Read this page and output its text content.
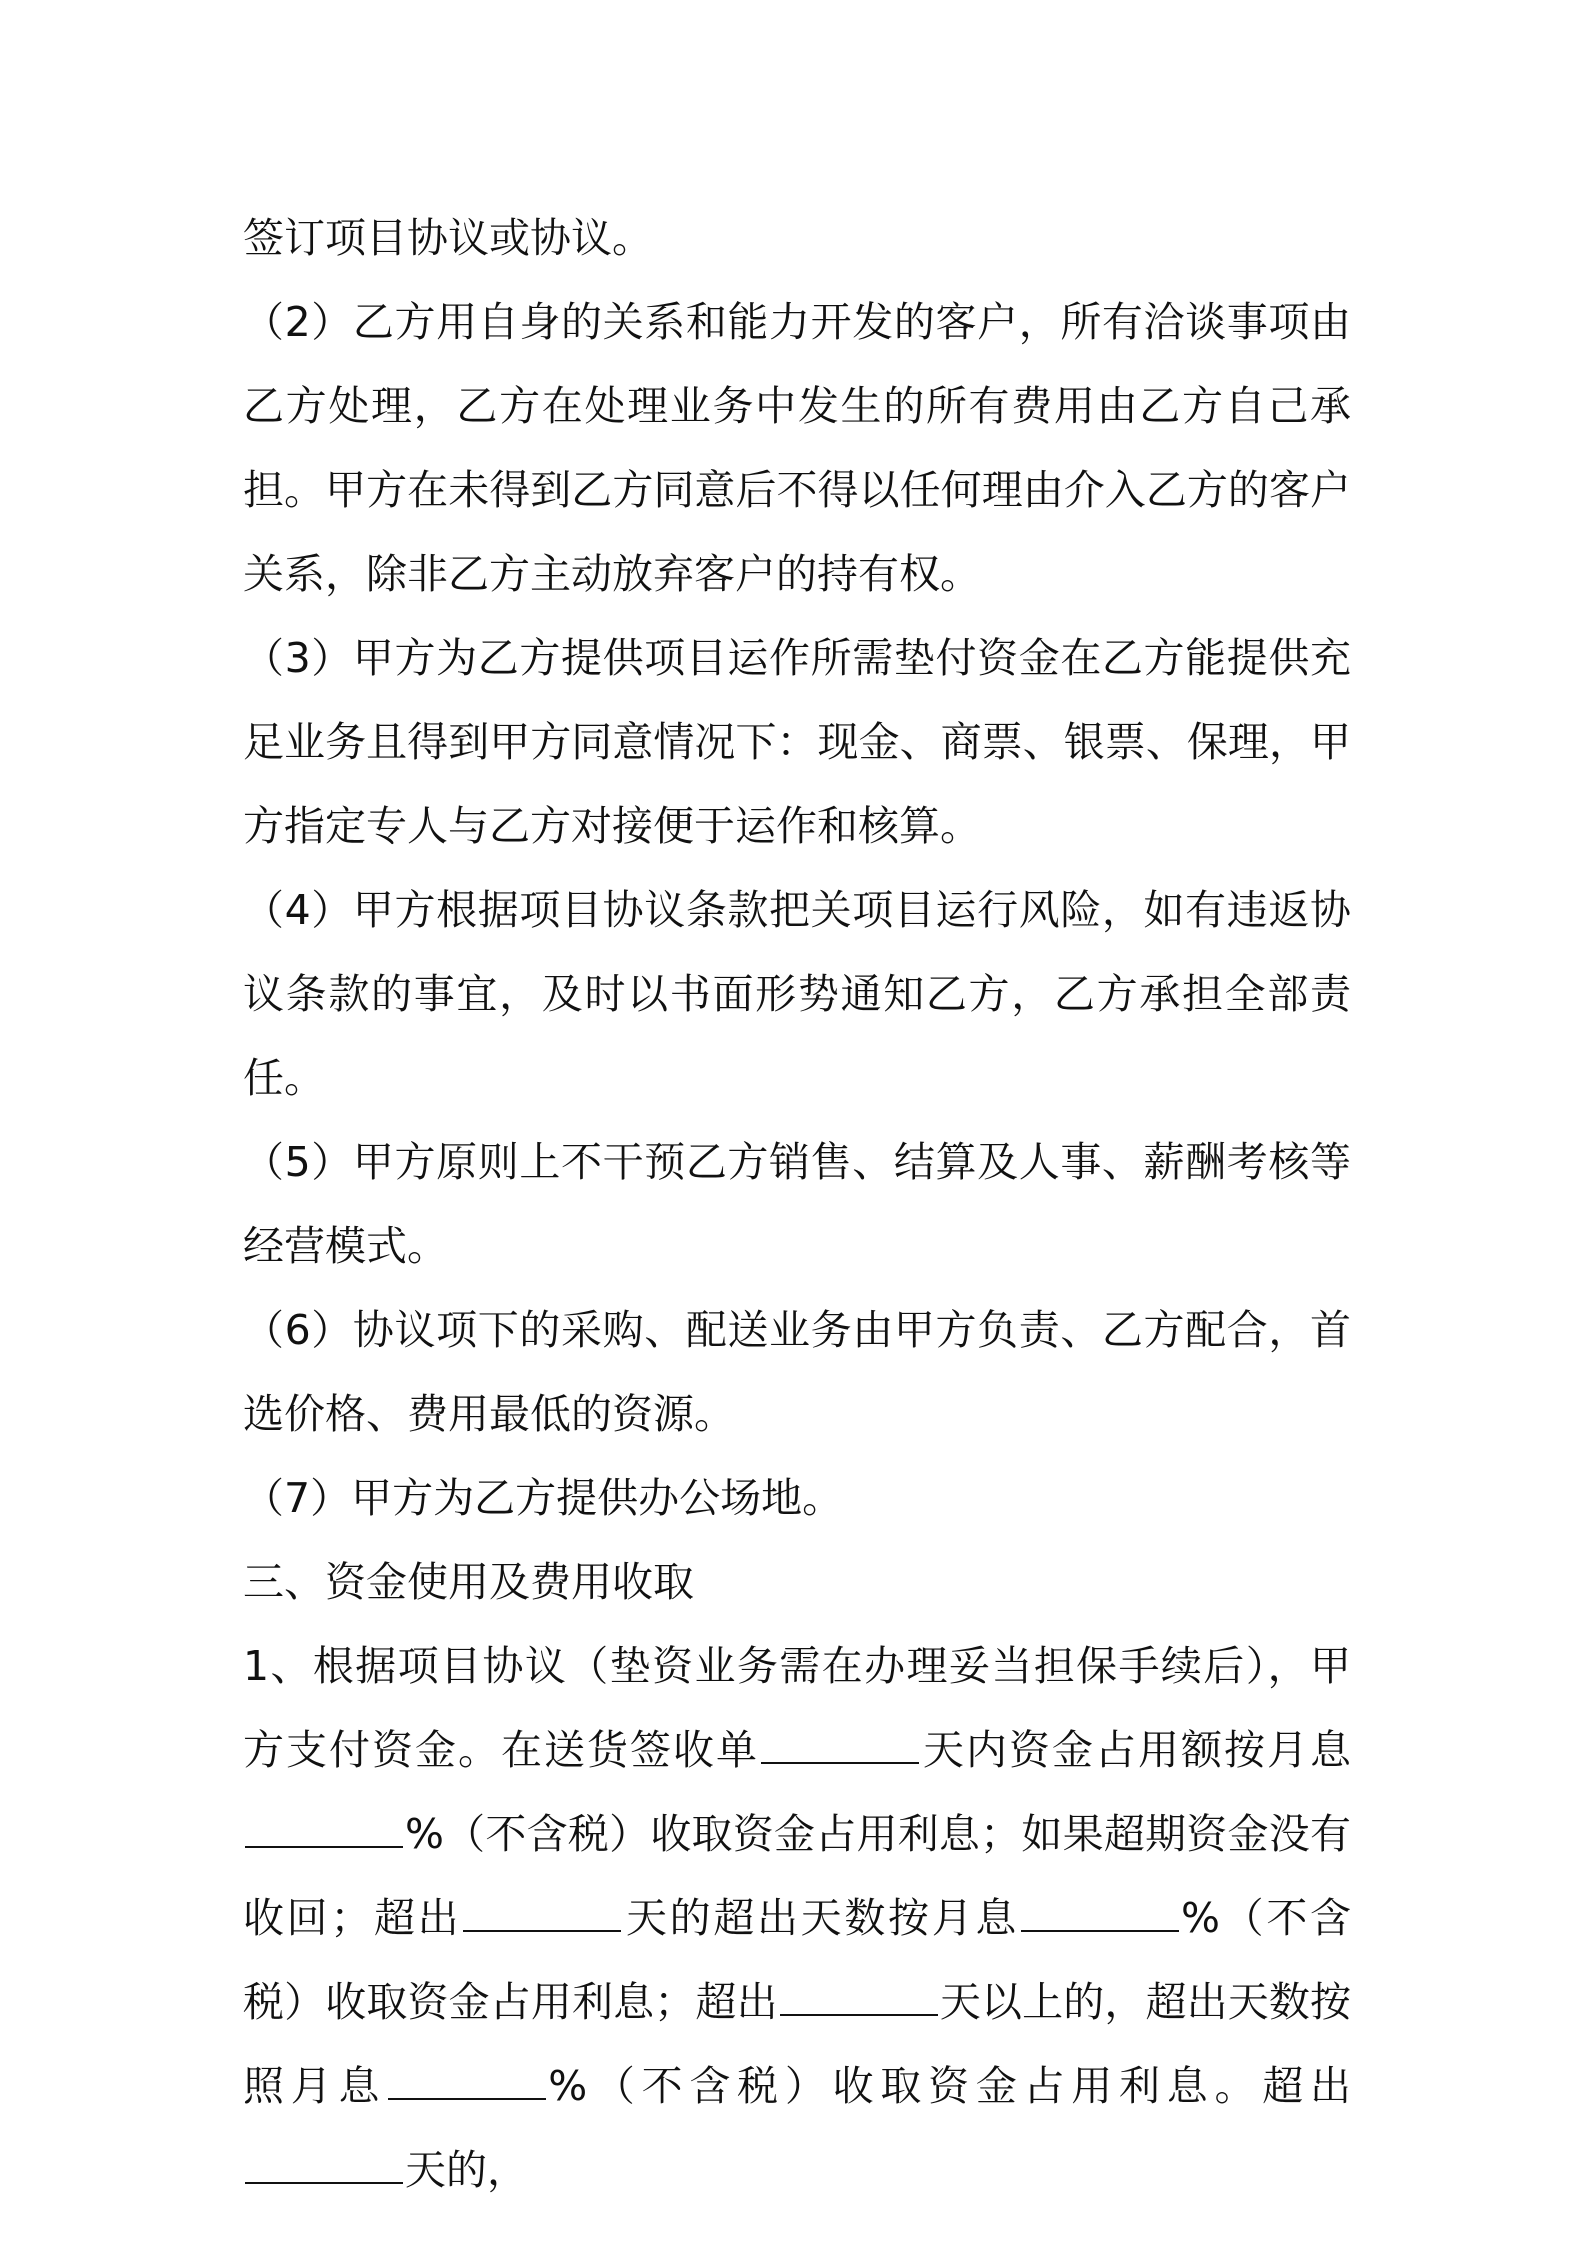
签订项目协议或协议。

（2）乙方用自身的关系和能力开发的客户，所有洽谈事项由乙方处理，乙方在处理业务中发生的所有费用由乙方自己承担。甲方在未得到乙方同意后不得以任何理由介入乙方的客户关系，除非乙方主动放弃客户的持有权。

（3）甲方为乙方提供项目运作所需垫付资金在乙方能提供充足业务且得到甲方同意情况下：现金、商票、银票、保理，甲方指定专人与乙方对接便于运作和核算。

（4）甲方根据项目协议条款把关项目运行风险，如有违返协议条款的事宜，及时以书面形势通知乙方，乙方承担全部责任。

（5）甲方原则上不干预乙方销售、结算及人事、薪酬考核等经营模式。

（6）协议项下的采购、配送业务由甲方负责、乙方配合，首选价格、费用最低的资源。

（7）甲方为乙方提供办公场地。

三、资金使用及费用收取

1、根据项目协议（垫资业务需在办理妥当担保手续后），甲方支付资金。在送货签收单	天内资金占用额按月息%（不含税）收取资金占用利息；如果超期资金没有收回；超出	天的超出天数按月息	%（不含税）收取资金占用利息；超出	天以上的，超出天数按照月息	%（不含税）收取资金占用利息。超出天的，
